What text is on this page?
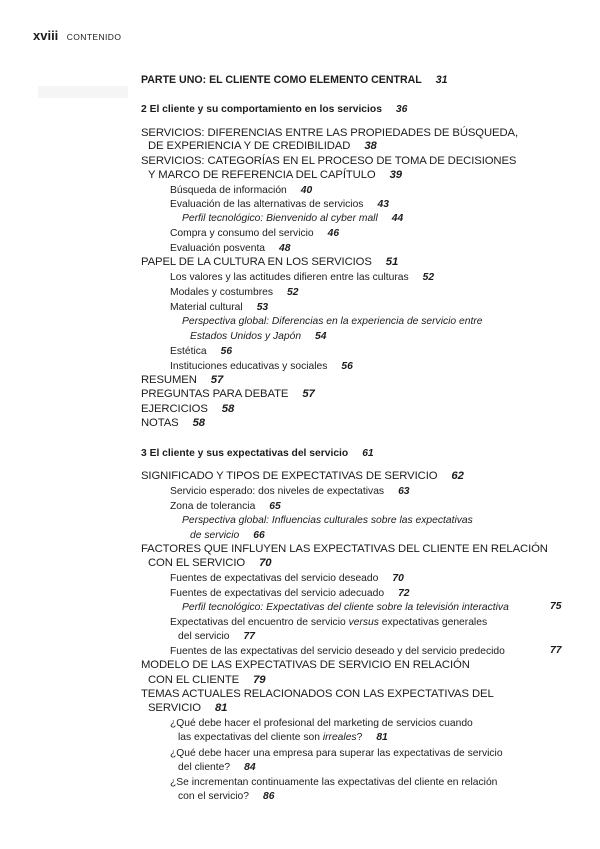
xviii CONTENIDO
PARTE UNO: EL CLIENTE COMO ELEMENTO CENTRAL 31
2 El cliente y su comportamiento en los servicios 36
SERVICIOS: DIFERENCIAS ENTRE LAS PROPIEDADES DE BÚSQUEDA,
DE EXPERIENCIA Y DE CREDIBILIDAD 38
SERVICIOS: CATEGORÍAS EN EL PROCESO DE TOMA DE DECISIONES
Y MARCO DE REFERENCIA DEL CAPÍTULO 39
Búsqueda de información 40
Evaluación de las alternativas de servicios 43
Perfil tecnológico: Bienvenido al cyber mall 44
Compra y consumo del servicio 46
Evaluación posventa 48
PAPEL DE LA CULTURA EN LOS SERVICIOS 51
Los valores y las actitudes difieren entre las culturas 52
Modales y costumbres 52
Material cultural 53
Perspectiva global: Diferencias en la experiencia de servicio entre
Estados Unidos y Japón 54
Estética 56
Instituciones educativas y sociales 56
RESUMEN 57
PREGUNTAS PARA DEBATE 57
EJERCICIOS 58
NOTAS 58
3 El cliente y sus expectativas del servicio 61
SIGNIFICADO Y TIPOS DE EXPECTATIVAS DE SERVICIO 62
Servicio esperado: dos niveles de expectativas 63
Zona de tolerancia 65
Perspectiva global: Influencias culturales sobre las expectativas
de servicio 66
FACTORES QUE INFLUYEN LAS EXPECTATIVAS DEL CLIENTE EN RELACIÓN
CON EL SERVICIO 70
Fuentes de expectativas del servicio deseado 70
Fuentes de expectativas del servicio adecuado 72
Perfil tecnológico: Expectativas del cliente sobre la televisión interactiva	75
Expectativas del encuentro de servicio versus expectativas generales
del servicio 77
Fuentes de las expectativas del servicio deseado y del servicio predecido	77
MODELO DE LAS EXPECTATIVAS DE SERVICIO EN RELACIÓN
CON EL CLIENTE 79
TEMAS ACTUALES RELACIONADOS CON LAS EXPECTATIVAS DEL
SERVICIO 81
¿Qué debe hacer el profesional del marketing de servicios cuando
las expectativas del cliente son irreales? 81
¿Qué debe hacer una empresa para superar las expectativas de servicio
del cliente? 84
¿Se incrementan continuamente las expectativas del cliente en relación
con el servicio? 86
